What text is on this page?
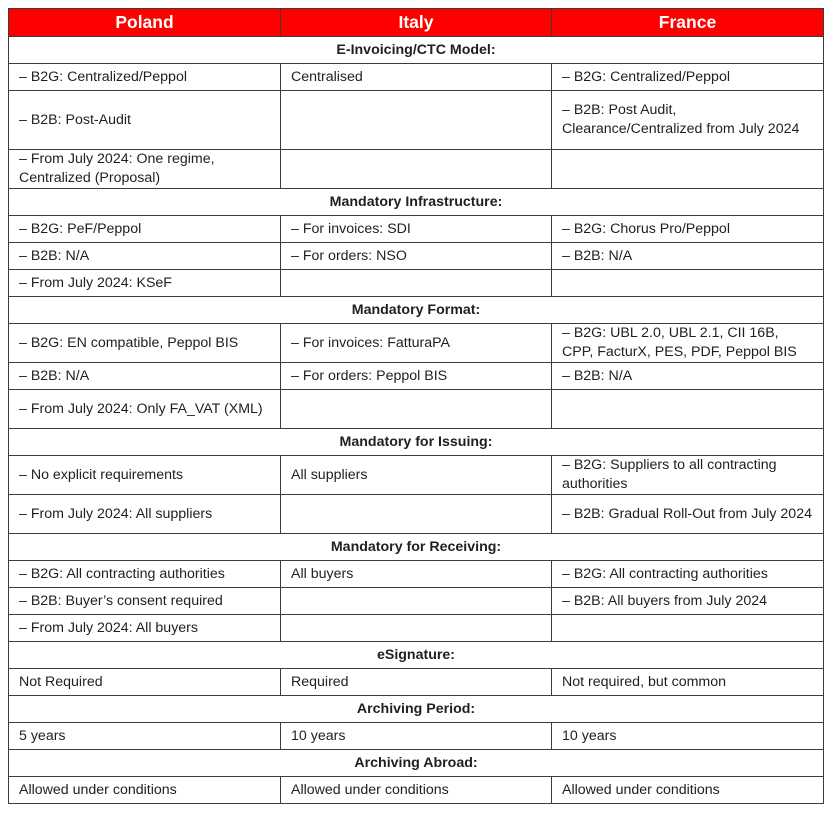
Poland	Italy	France
E-Invoicing/CTC Model:		
– B2G: Centralized/Peppol	Centralised	– B2G: Centralized/Peppol
– B2B: Post-Audit		– B2B: Post Audit, Clearance/Centralized from July 2024
– From July 2024: One regime, Centralized (Proposal)		
Mandatory Infrastructure:		
– B2G: PeF/Peppol	– For invoices: SDI	– B2G: Chorus Pro/Peppol
– B2B: N/A	– For orders: NSO	– B2B: N/A
– From July 2024: KSeF		
Mandatory Format:		
– B2G: EN compatible, Peppol BIS	– For invoices: FatturaPA	– B2G: UBL 2.0, UBL 2.1, CII 16B, CPP, FacturX, PES, PDF, Peppol BIS
– B2B: N/A	– For orders: Peppol BIS	– B2B: N/A
– From July 2024: Only FA_VAT (XML)		
Mandatory for Issuing:		
– No explicit requirements	All suppliers	– B2G: Suppliers to all contracting authorities
– From July 2024: All suppliers		– B2B: Gradual Roll-Out from July 2024
Mandatory for Receiving:		
– B2G: All contracting authorities	All buyers	– B2G: All contracting authorities
– B2B: Buyer’s consent required		– B2B: All buyers from July 2024
– From July 2024: All buyers		
eSignature:		
Not Required	Required	Not required, but common
Archiving Period:		
5 years	10 years	10 years
Archiving Abroad:		
Allowed under conditions	Allowed under conditions	Allowed under conditions
